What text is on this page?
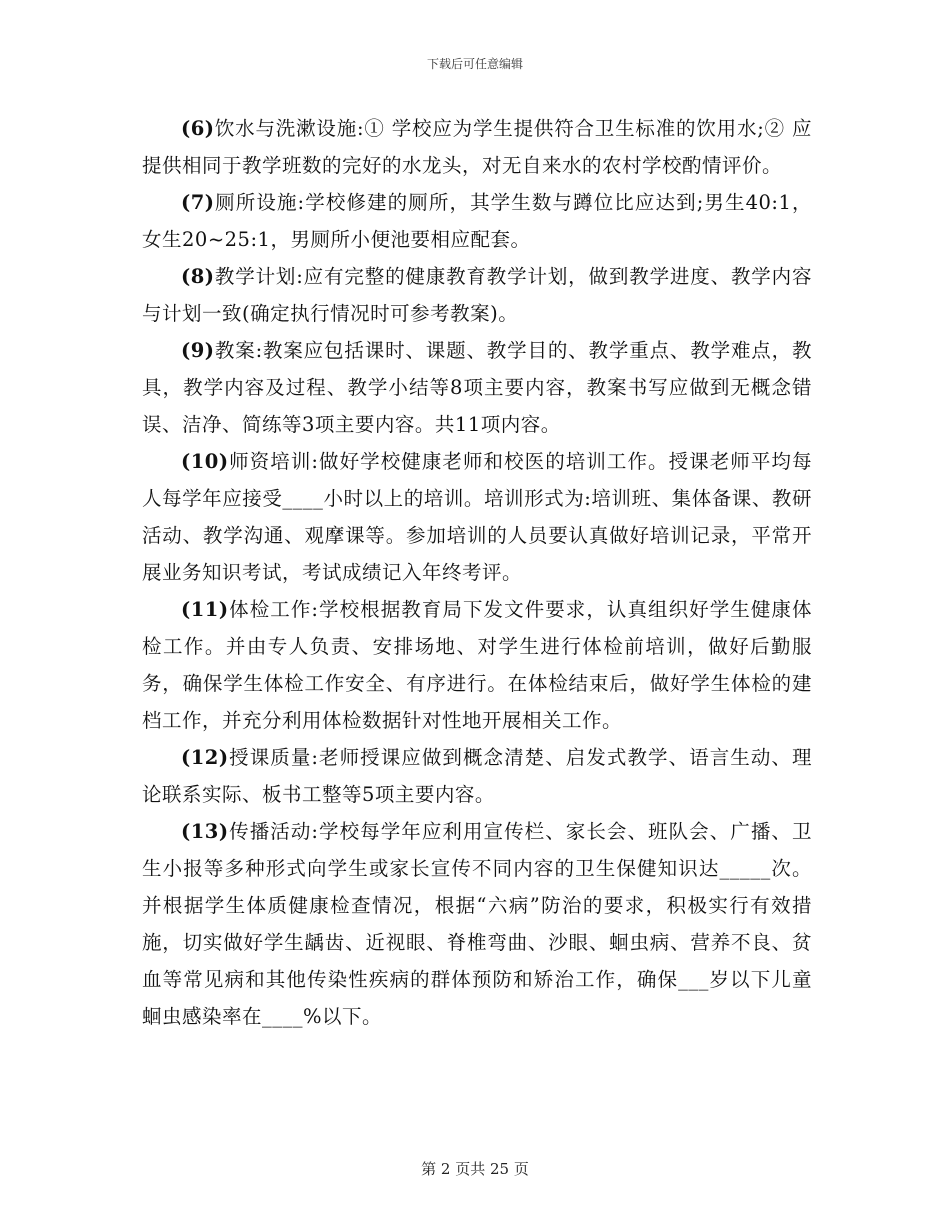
下载后可任意编辑

(6)饮水与洗漱设施:① 学校应为学生提供符合卫生标准的饮用水;② 应提供相同于教学班数的完好的水龙头，对无自来水的农村学校酌情评价。

(7)厕所设施:学校修建的厕所，其学生数与蹲位比应达到;男生40:1，女生20~25:1，男厕所小便池要相应配套。

(8)教学计划:应有完整的健康教育教学计划，做到教学进度、教学内容与计划一致(确定执行情况时可参考教案)。

(9)教案:教案应包括课时、课题、教学目的、教学重点、教学难点，教具，教学内容及过程、教学小结等8项主要内容，教案书写应做到无概念错误、洁净、简练等3项主要内容。共11项内容。

(10)师资培训:做好学校健康老师和校医的培训工作。授课老师平均每人每学年应接受____小时以上的培训。培训形式为:培训班、集体备课、教研活动、教学沟通、观摩课等。参加培训的人员要认真做好培训记录，平常开展业务知识考试，考试成绩记入年终考评。

(11)体检工作:学校根据教育局下发文件要求，认真组织好学生健康体检工作。并由专人负责、安排场地、对学生进行体检前培训，做好后勤服务，确保学生体检工作安全、有序进行。在体检结束后，做好学生体检的建档工作，并充分利用体检数据针对性地开展相关工作。

(12)授课质量:老师授课应做到概念清楚、启发式教学、语言生动、理论联系实际、板书工整等5项主要内容。

(13)传播活动:学校每学年应利用宣传栏、家长会、班队会、广播、卫生小报等多种形式向学生或家长宣传不同内容的卫生保健知识达_____次。并根据学生体质健康检查情况，根据“六病”防治的要求，积极实行有效措施，切实做好学生龋齿、近视眼、脊椎弯曲、沙眼、蛔虫病、营养不良、贫血等常见病和其他传染性疾病的群体预防和矫治工作，确保___岁以下儿童蛔虫感染率在____%以下。

第 2 页共 25 页
